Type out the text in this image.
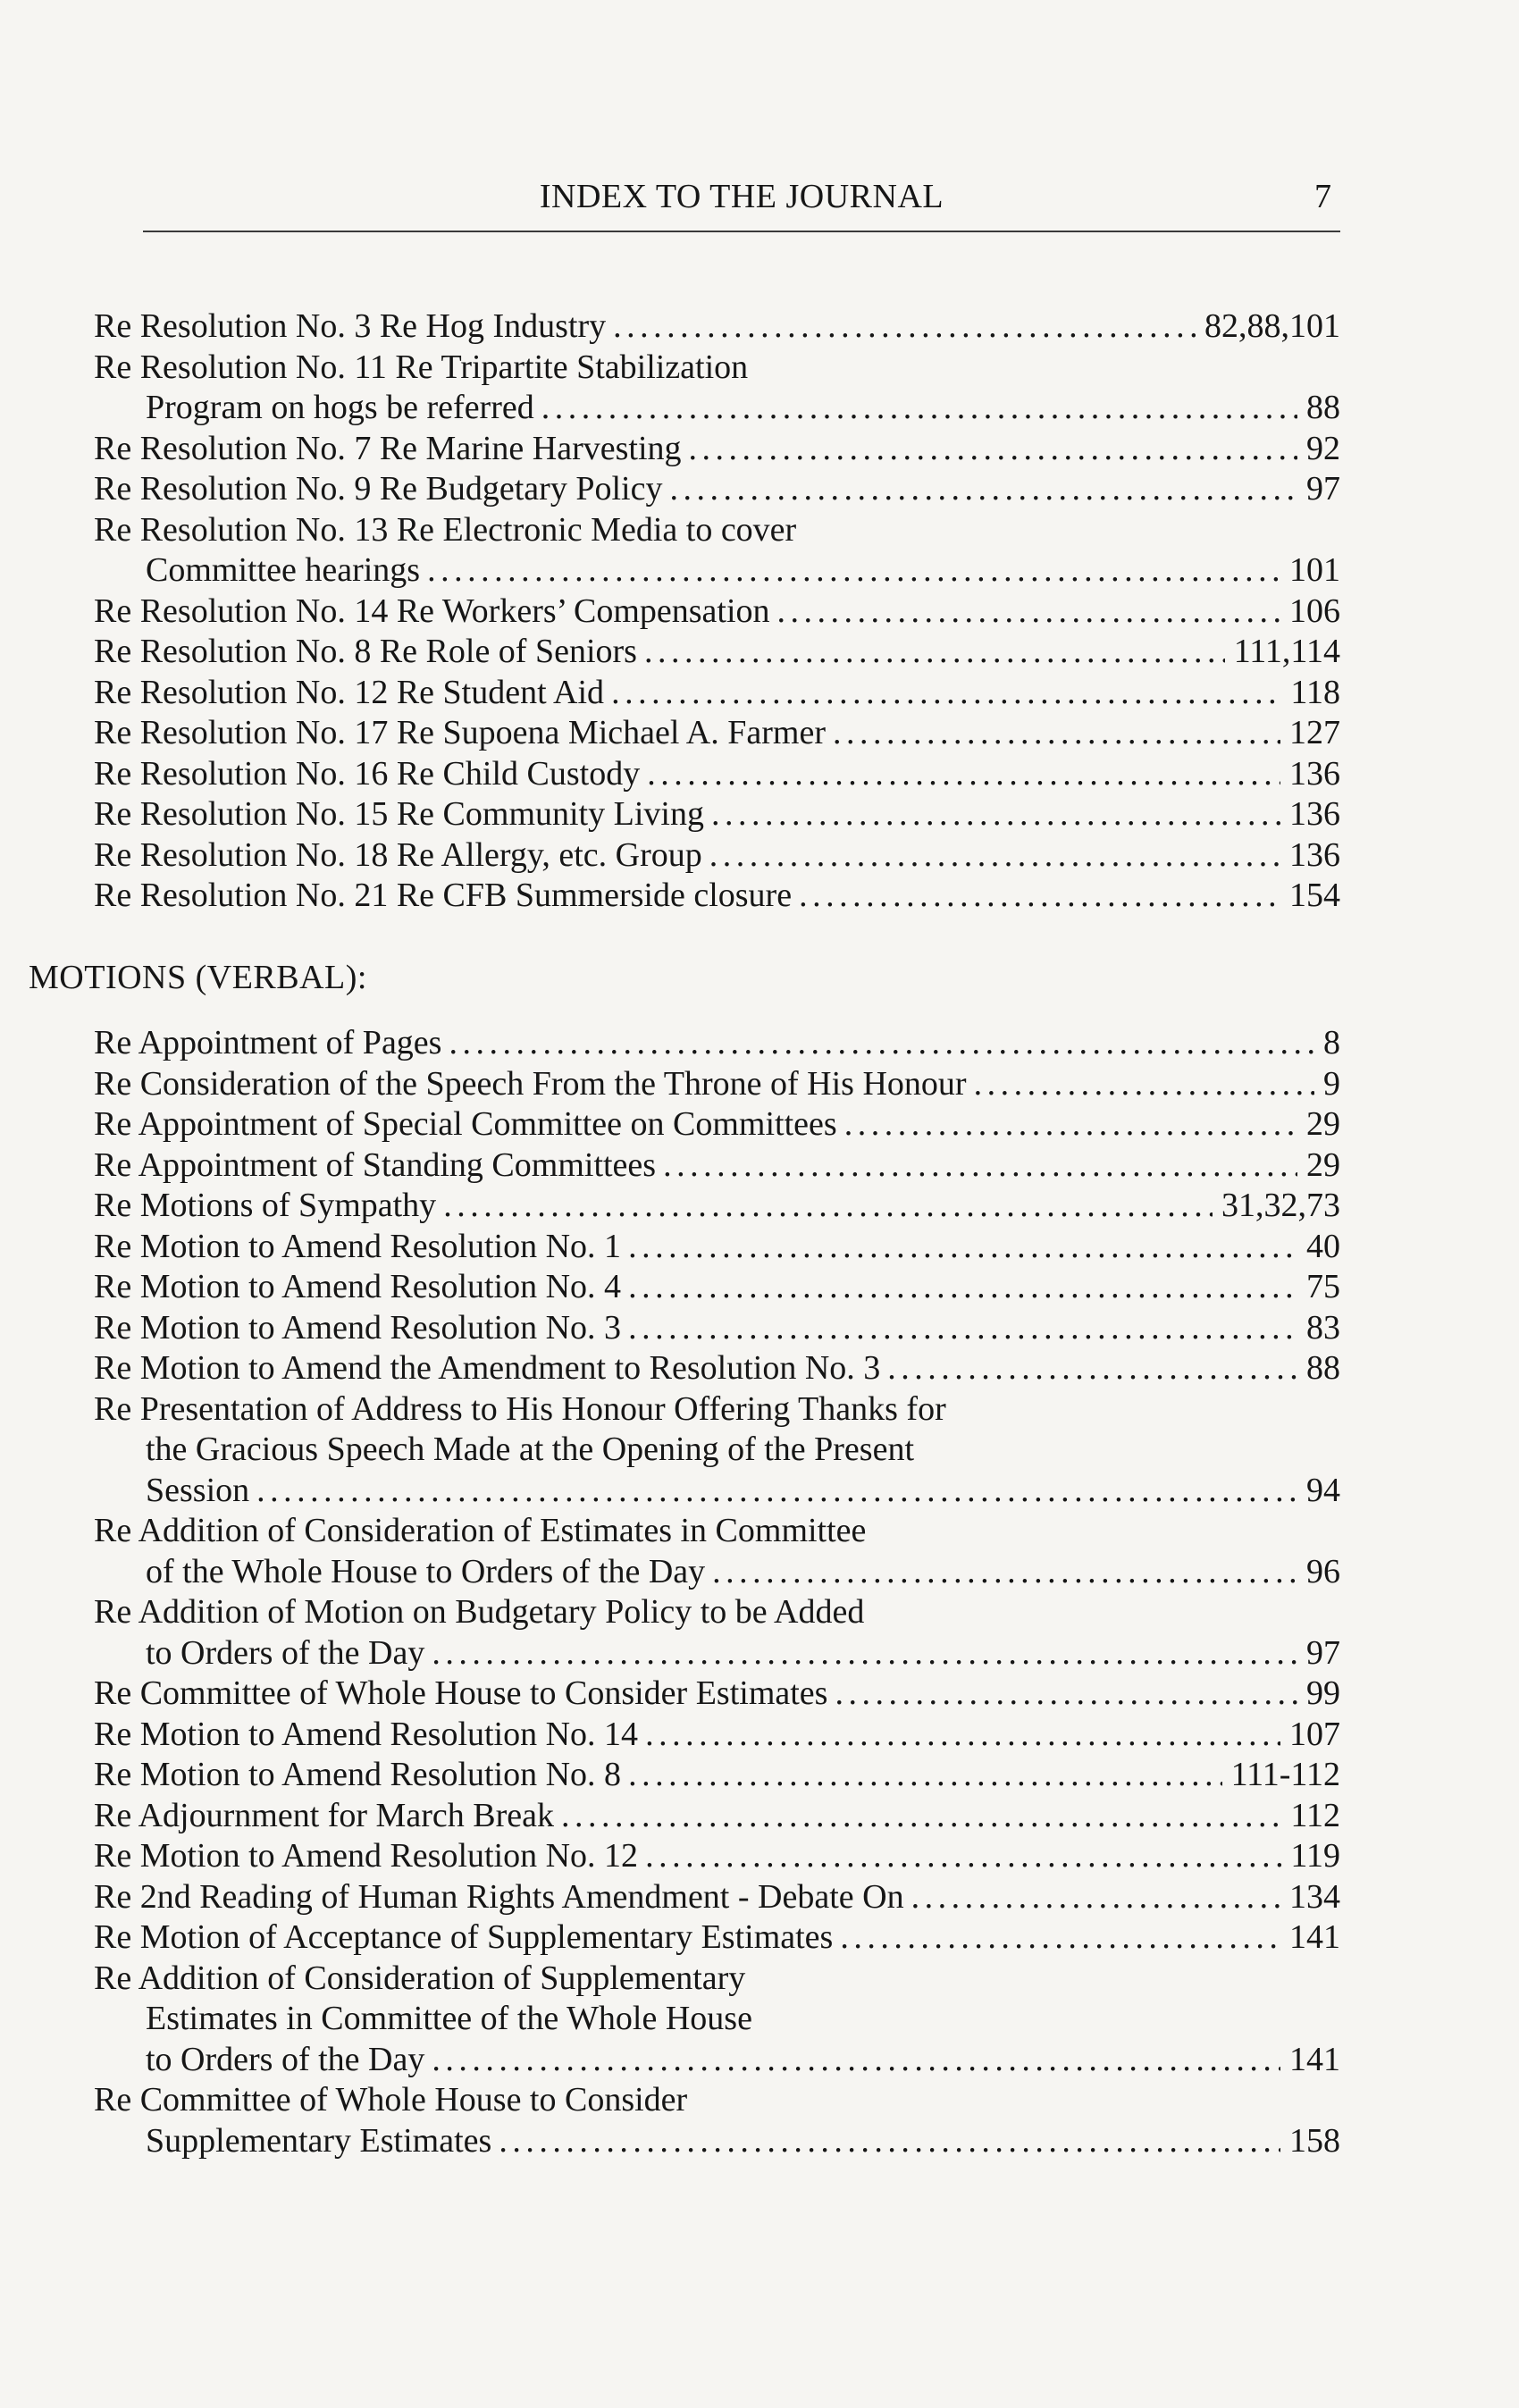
INDEX TO THE JOURNAL	7
Re Resolution No. 3 Re Hog Industry . . .	82,88,101
Re Resolution No. 11 Re Tripartite Stabilization
Program on hogs be referred . . .	88
Re Resolution No. 7 Re Marine Harvesting . . .	92
Re Resolution No. 9 Re Budgetary Policy . . .	97
Re Resolution No. 13 Re Electronic Media to cover
Committee hearings . . .	101
Re Resolution No. 14 Re Workers’ Compensation . . .	106
Re Resolution No. 8 Re Role of Seniors . . .	111,114
Re Resolution No. 12 Re Student Aid . . .	118
Re Resolution No. 17 Re Supoena Michael A. Farmer . . .	127
Re Resolution No. 16 Re Child Custody . . .	136
Re Resolution No. 15 Re Community Living . . .	136
Re Resolution No. 18 Re Allergy, etc. Group . . .	136
Re Resolution No. 21 Re CFB Summerside closure . . .	154
MOTIONS (VERBAL):
Re Appointment of Pages . . .	8
Re Consideration of the Speech From the Throne of His Honour . . .	9
Re Appointment of Special Committee on Committees . . .	29
Re Appointment of Standing Committees . . .	29
Re Motions of Sympathy . . .	31,32,73
Re Motion to Amend Resolution No. 1 . . .	40
Re Motion to Amend Resolution No. 4 . . .	75
Re Motion to Amend Resolution No. 3 . . .	83
Re Motion to Amend the Amendment to Resolution No. 3 . . .	88
Re Presentation of Address to His Honour Offering Thanks for
the Gracious Speech Made at the Opening of the Present
Session . . .	94
Re Addition of Consideration of Estimates in Committee
of the Whole House to Orders of the Day . . .	96
Re Addition of Motion on Budgetary Policy to be Added
to Orders of the Day . . .	97
Re Committee of Whole House to Consider Estimates . . .	99
Re Motion to Amend Resolution No. 14 . . .	107
Re Motion to Amend Resolution No. 8 . . .	111-112
Re Adjournment for March Break . . .	112
Re Motion to Amend Resolution No. 12 . . .	119
Re 2nd Reading of Human Rights Amendment - Debate On . . .	134
Re Motion of Acceptance of Supplementary Estimates . . .	141
Re Addition of Consideration of Supplementary
Estimates in Committee of the Whole House
to Orders of the Day . . .	141
Re Committee of Whole House to Consider
Supplementary Estimates . . .	158
